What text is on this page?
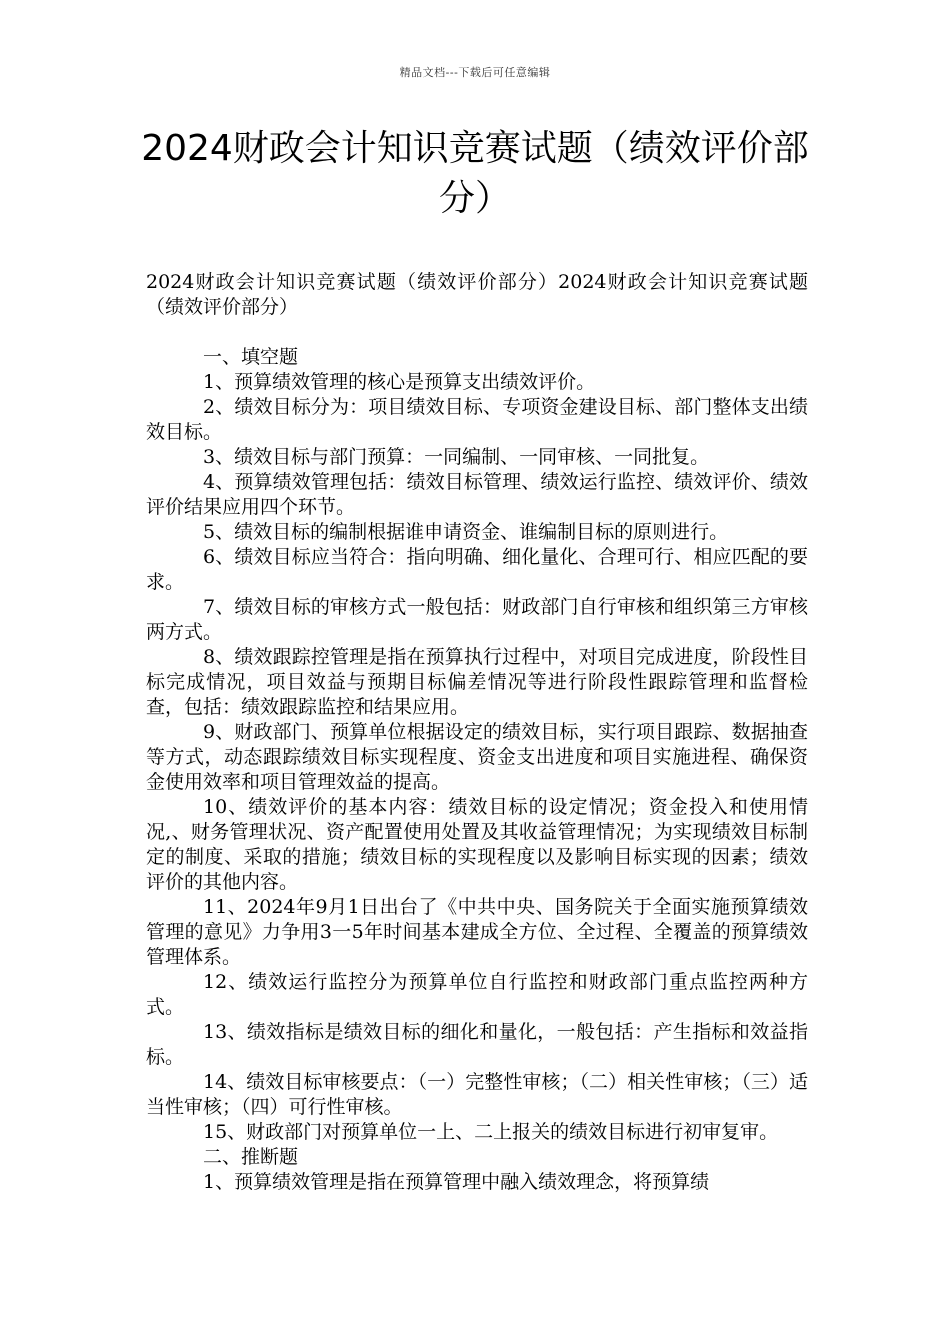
精品文档---下载后可任意编辑
2024财政会计知识竞赛试题（绩效评价部分）

2024财政会计知识竞赛试题（绩效评价部分）2024财政会计知识竞赛试题（绩效评价部分）

一、填空题

1、预算绩效管理的核心是预算支出绩效评价。

2、绩效目标分为：项目绩效目标、专项资金建设目标、部门整体支出绩效目标。

3、绩效目标与部门预算：一同编制、一同审核、一同批复。

4、预算绩效管理包括：绩效目标管理、绩效运行监控、绩效评价、绩效评价结果应用四个环节。

5、绩效目标的编制根据谁申请资金、谁编制目标的原则进行。

6、绩效目标应当符合：指向明确、细化量化、合理可行、相应匹配的要求。

7、绩效目标的审核方式一般包括：财政部门自行审核和组织第三方审核两方式。

8、绩效跟踪控管理是指在预算执行过程中，对项目完成进度，阶段性目标完成情况，项目效益与预期目标偏差情况等进行阶段性跟踪管理和监督检查，包括：绩效跟踪监控和结果应用。

9、财政部门、预算单位根据设定的绩效目标，实行项目跟踪、数据抽查等方式，动态跟踪绩效目标实现程度、资金支出进度和项目实施进程、确保资金使用效率和项目管理效益的提高。

10、绩效评价的基本内容：绩效目标的设定情况；资金投入和使用情况,、财务管理状况、资产配置使用处置及其收益管理情况；为实现绩效目标制定的制度、采取的措施；绩效目标的实现程度以及影响目标实现的因素；绩效评价的其他内容。

11、2024年9月1日出台了《中共中央、国务院关于全面实施预算绩效管理的意见》力争用3一5年时间基本建成全方位、全过程、全覆盖的预算绩效管理体系。

12、绩效运行监控分为预算单位自行监控和财政部门重点监控两种方式。

13、绩效指标是绩效目标的细化和量化，一般包括：产生指标和效益指标。

14、绩效目标审核要点：（一）完整性审核；（二）相关性审核；（三）适当性审核；（四）可行性审核。

15、财政部门对预算单位一上、二上报关的绩效目标进行初审复审。

二、推断题

1、预算绩效管理是指在预算管理中融入绩效理念，将预算绩
